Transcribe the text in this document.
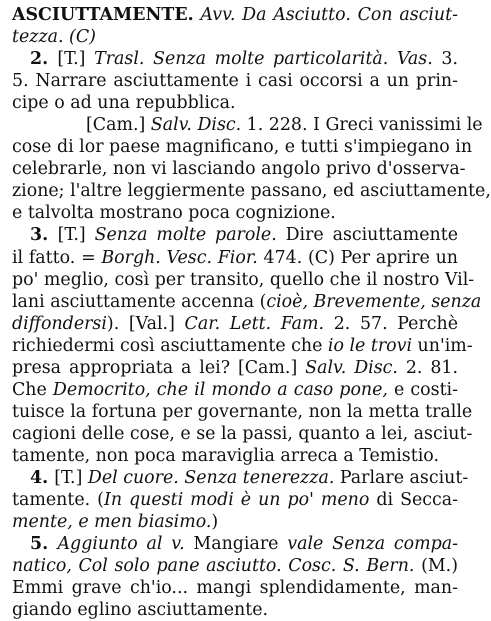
ASCIUTTAMENTE. Avv. Da Asciutto. Con asciut-
tezza. (C)
2. [T.] Trasl. Senza molte particolarità. Vas. 3.
5. Narrare asciuttamente i casi occorsi a un prin-
cipe o ad una repubblica.
[Cam.] Salv. Disc. 1. 228. I Greci vanissimi le
cose di lor paese magnificano, e tutti s'impiegano in
celebrarle, non vi lasciando angolo privo d'osserva-
zione; l'altre leggiermente passano, ed asciuttamente,
e talvolta mostrano poca cognizione.
3. [T.] Senza molte parole. Dire asciuttamente
il fatto. = Borgh. Vesc. Fior. 474. (C) Per aprire un
po' meglio, così per transito, quello che il nostro Vil-
lani asciuttamente accenna (cioè, Brevemente, senza
diffondersi). [Val.] Car. Lett. Fam. 2. 57. Perchè
richiedermi così asciuttamente che io le trovi un'im-
presa appropriata a lei? [Cam.] Salv. Disc. 2. 81.
Che Democrito, che il mondo a caso pone, e costi-
tuisce la fortuna per governante, non la metta tralle
cagioni delle cose, e se la passi, quanto a lei, asciut-
tamente, non poca maraviglia arreca a Temistio.
4. [T.] Del cuore. Senza tenerezza. Parlare asciut-
tamente. (In questi modi è un po' meno di Secca-
mente, e men biasimo.)
5. Aggiunto al v. Mangiare vale Senza compa-
natico, Col solo pane asciutto. Cosc. S. Bern. (M.)
Emmi grave ch'io... mangi splendidamente, man-
giando eglino asciuttamente.
